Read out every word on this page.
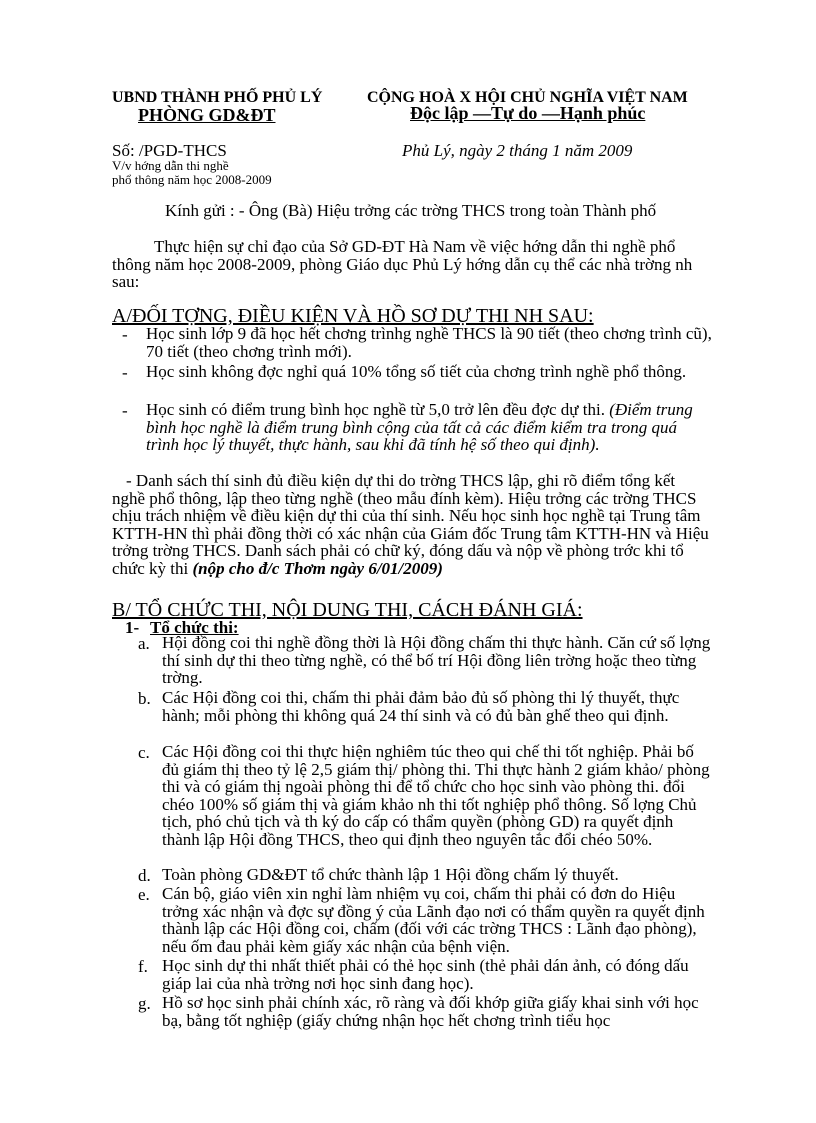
UBND THÀNH PHỐ PHỦ LÝ
PHÒNG GD&ĐT
CỘNG HOÀ X HỘI CHỦ NGHĨA VIỆT NAM
Độc lập —Tự do —Hạnh phúc
Số: /PGD-THCS
V/v hớng dẫn thi nghề
phổ thông năm học 2008-2009
Phủ Lý, ngày 2 tháng 1 năm 2009
Kính gửi : - Ông (Bà) Hiệu trởng các trờng THCS trong toàn Thành phố
Thực hiện sự chỉ đạo của Sở GD-ĐT Hà Nam về việc hớng dẫn thi nghề phổ thông năm học 2008-2009, phòng Giáo dục Phủ Lý hớng dẫn cụ thể các nhà trờng nh sau:
A/ĐỐI TỢNG, ĐIỀU KIỆN VÀ HỒ SƠ DỰ THI NH SAU:
- Học sinh lớp 9 đã học hết chơng trìnhg nghề THCS là 90 tiết (theo chơng trình cũ), 70 tiết (theo chơng trình mới).
- Học sinh không đợc nghỉ quá 10% tổng số tiết của chơng trình nghề phổ thông.
- Học sinh có điểm trung bình học nghề từ 5,0 trở lên đều đợc dự thi. (Điểm trung bình học nghề là điểm trung bình cộng của tất cả các điểm kiểm tra trong quá trình học lý thuyết, thực hành, sau khi đã tính hệ số theo qui định).
- Danh sách thí sinh đủ điều kiện dự thi do trờng THCS lập, ghi rõ điểm tổng kết nghề phổ thông, lập theo từng nghề (theo mẫu đính kèm). Hiệu trởng các trờng THCS chịu trách nhiệm về điều kiện dự thi của thí sinh. Nếu học sinh học nghề tại Trung tâm KTTH-HN thì phải đồng thời có xác nhận của Giám đốc Trung tâm KTTH-HN và Hiệu trởng trờng THCS. Danh sách phải có chữ ký, đóng dấu và nộp về phòng trớc khi tổ chức kỳ thi (nộp cho đ/c Thơm ngày 6/01/2009)
B/ TỔ CHỨC THI, NỘI DUNG THI, CÁCH ĐÁNH GIÁ:
1- Tổ chức thi:
a. Hội đồng coi thi nghề đồng thời là Hội đồng chấm thi thực hành. Căn cứ số lợng thí sinh dự thi theo từng nghề, có thể bố trí Hội đồng liên trờng hoặc theo từng trờng.
b. Các Hội đồng coi thi, chấm thi phải đảm bảo đủ số phòng thi lý thuyết, thực hành; mỗi phòng thi không quá 24 thí sinh và có đủ bàn ghế theo qui định.
c. Các Hội đồng coi thi thực hiện nghiêm túc theo qui chế thi tốt nghiệp. Phải bố đủ giám thị theo tỷ lệ 2,5 giám thị/ phòng thi. Thi thực hành 2 giám khảo/ phòng thi và có giám thị ngoài phòng thi để tổ chức cho học sinh vào phòng thi. đổi chéo 100% số giám thị và giám khảo nh thi tốt nghiệp phổ thông. Số lợng Chủ tịch, phó chủ tịch và th ký do cấp có thẩm quyền (phòng GD) ra quyết định thành lập Hội đồng THCS, theo qui định theo nguyên tắc đổi chéo 50%.
d. Toàn phòng GD&ĐT tổ chức thành lập 1 Hội đồng chấm lý thuyết.
e. Cán bộ, giáo viên xin nghỉ làm nhiệm vụ coi, chấm thi phải có đơn do Hiệu trởng xác nhận và đợc sự đồng ý của Lãnh đạo nơi có thẩm quyền ra quyết định thành lập các Hội đồng coi, chấm (đối với các trờng THCS : Lãnh đạo phòng), nếu ốm đau phải kèm giấy xác nhận của bệnh viện.
f. Học sinh dự thi nhất thiết phải có thẻ học sinh (thẻ phải dán ảnh, có đóng dấu giáp lai của nhà trờng nơi học sinh đang học).
g. Hồ sơ học sinh phải chính xác, rõ ràng và đối khớp giữa giấy khai sinh với học bạ, bằng tốt nghiệp (giấy chứng nhận học hết chơng trình tiểu học
